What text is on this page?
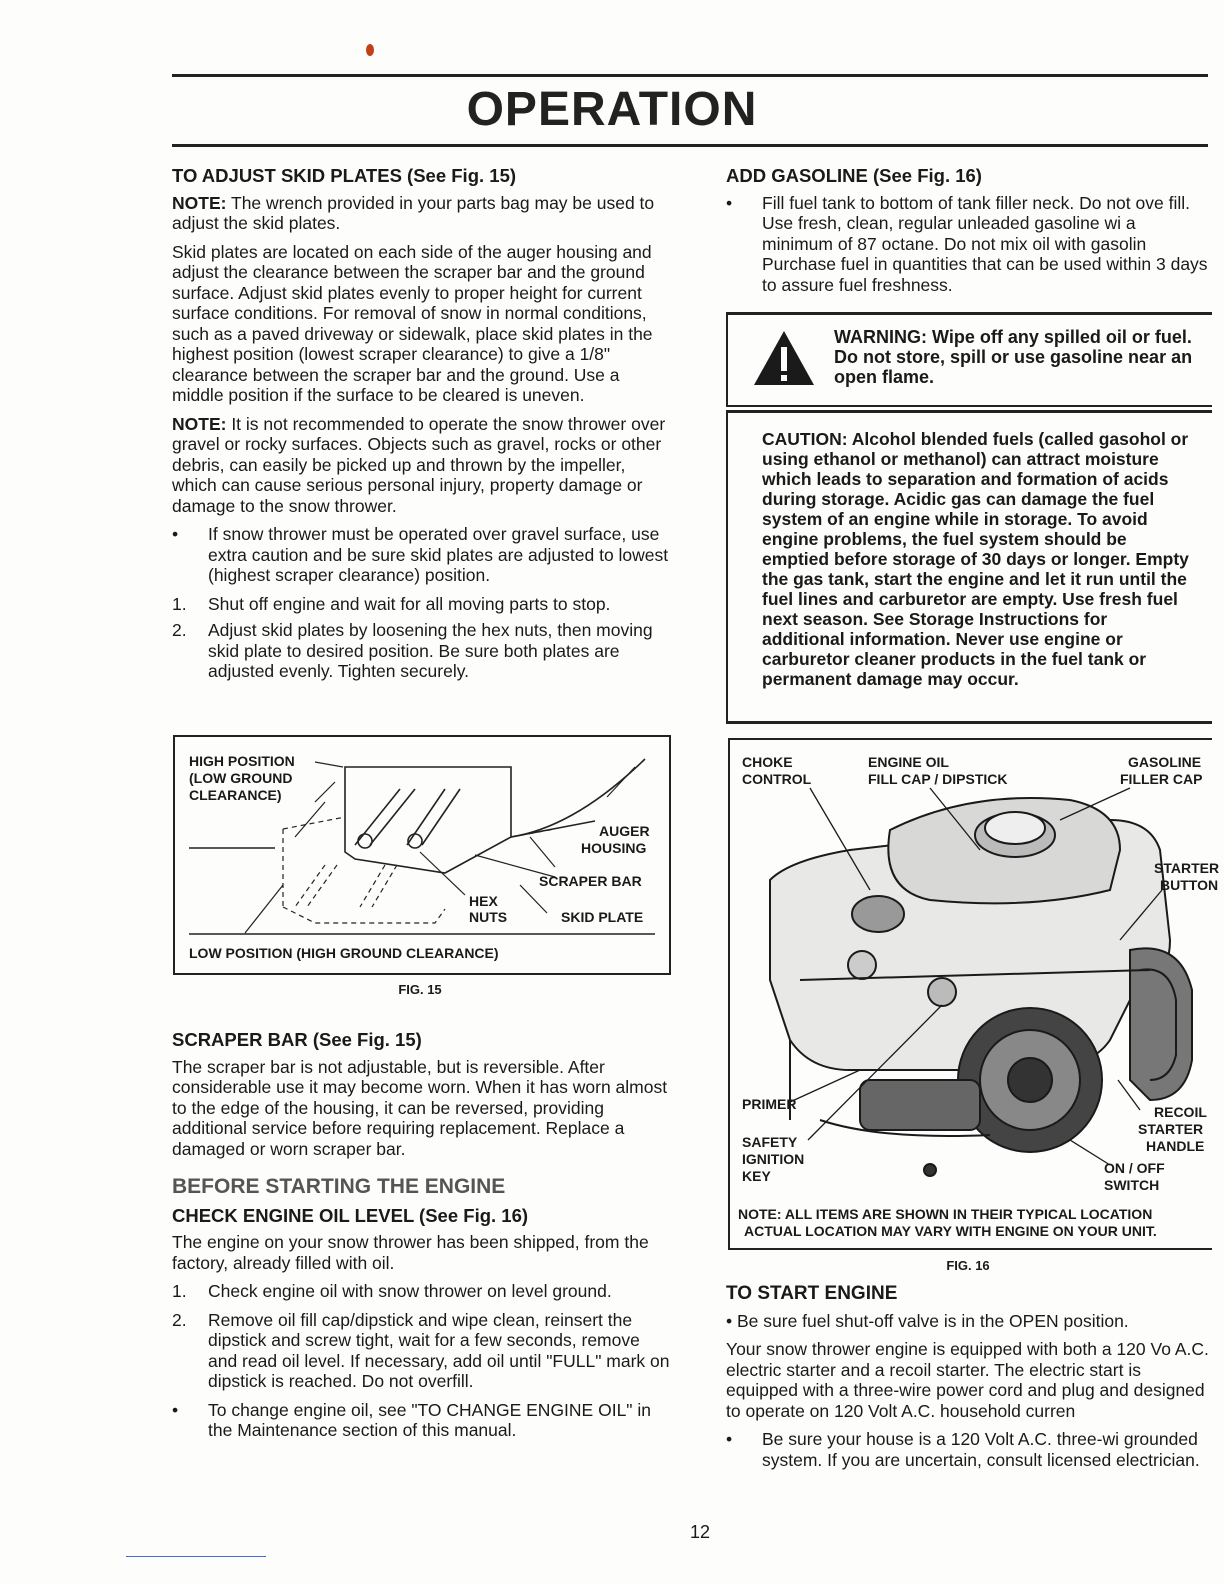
OPERATION
TO ADJUST SKID PLATES (See Fig. 15)

NOTE: The wrench provided in your parts bag may be used to adjust the skid plates.

Skid plates are located on each side of the auger housing and adjust the clearance between the scraper bar and the ground surface. Adjust skid plates evenly to proper height for current surface conditions. For removal of snow in normal conditions, such as a paved driveway or sidewalk, place skid plates in the highest position (lowest scraper clearance) to give a 1/8" clearance between the scraper bar and the ground. Use a middle position if the surface to be cleared is uneven.

NOTE: It is not recommended to operate the snow thrower over gravel or rocky surfaces. Objects such as gravel, rocks or other debris, can easily be picked up and thrown by the impeller, which can cause serious personal injury, property damage or damage to the snow thrower.

•	If snow thrower must be operated over gravel surface, use extra caution and be sure skid plates are adjusted to lowest (highest scraper clearance) position.
1.	Shut off engine and wait for all moving parts to stop.
2.	Adjust skid plates by loosening the hex nuts, then moving skid plate to desired position. Be sure both plates are adjusted evenly. Tighten securely.
HIGH POSITION
(LOW GROUND
CLEARANCE)
AUGER
HOUSING
SCRAPER BAR
HEX
NUTS	SKID PLATE
LOW POSITION (HIGH GROUND CLEARANCE)
FIG. 15
SCRAPER BAR (See Fig. 15)

The scraper bar is not adjustable, but is reversible. After considerable use it may become worn. When it has worn almost to the edge of the housing, it can be reversed, providing additional service before requiring replacement. Replace a damaged or worn scraper bar.

BEFORE STARTING THE ENGINE
CHECK ENGINE OIL LEVEL (See Fig. 16)

The engine on your snow thrower has been shipped, from the factory, already filled with oil.

1.	Check engine oil with snow thrower on level ground.
2.	Remove oil fill cap/dipstick and wipe clean, reinsert the dipstick and screw tight, wait for a few seconds, remove and read oil level. If necessary, add oil until "FULL" mark on dipstick is reached. Do not overfill.
•	To change engine oil, see "TO CHANGE ENGINE OIL" in the Maintenance section of this manual.
ADD GASOLINE (See Fig. 16)
•	Fill fuel tank to bottom of tank filler neck. Do not ove fill. Use fresh, clean, regular unleaded gasoline wi a minimum of 87 octane. Do not mix oil with gasolin Purchase fuel in quantities that can be used within 3 days to assure fuel freshness.
WARNING: Wipe off any spilled oil or fuel. Do not store, spill or use gasoline near an open flame.
CAUTION: Alcohol blended fuels (called gasohol or using ethanol or methanol) can attract moisture which leads to separation and formation of acids during storage. Acidic gas can damage the fuel system of an engine while in storage. To avoid engine problems, the fuel system should be emptied before storage of 30 days or longer. Empty the gas tank, start the engine and let it run until the fuel lines and carburetor are empty. Use fresh fuel next season. See Storage Instructions for additional information. Never use engine or carburetor cleaner products in the fuel tank or permanent damage may occur.
CHOKE
CONTROL
ENGINE OIL
FILL CAP / DIPSTICK
GASOLINE
FILLER CAP
STARTER
BUTTON
PRIMER
SAFETY
IGNITION
KEY
RECOIL
STARTER
HANDLE
ON / OFF
SWITCH
NOTE: ALL ITEMS ARE SHOWN IN THEIR TYPICAL LOCATION
ACTUAL LOCATION MAY VARY WITH ENGINE ON YOUR UNIT.
FIG. 16
TO START ENGINE

• Be sure fuel shut-off valve is in the OPEN position.

Your snow thrower engine is equipped with both a 120 Vo A.C. electric starter and a recoil starter. The electric start is equipped with a three-wire power cord and plug and designed to operate on 120 Volt A.C. household curren

•	Be sure your house is a 120 Volt A.C. three-wi grounded system. If you are uncertain, consult licensed electrician.
12
